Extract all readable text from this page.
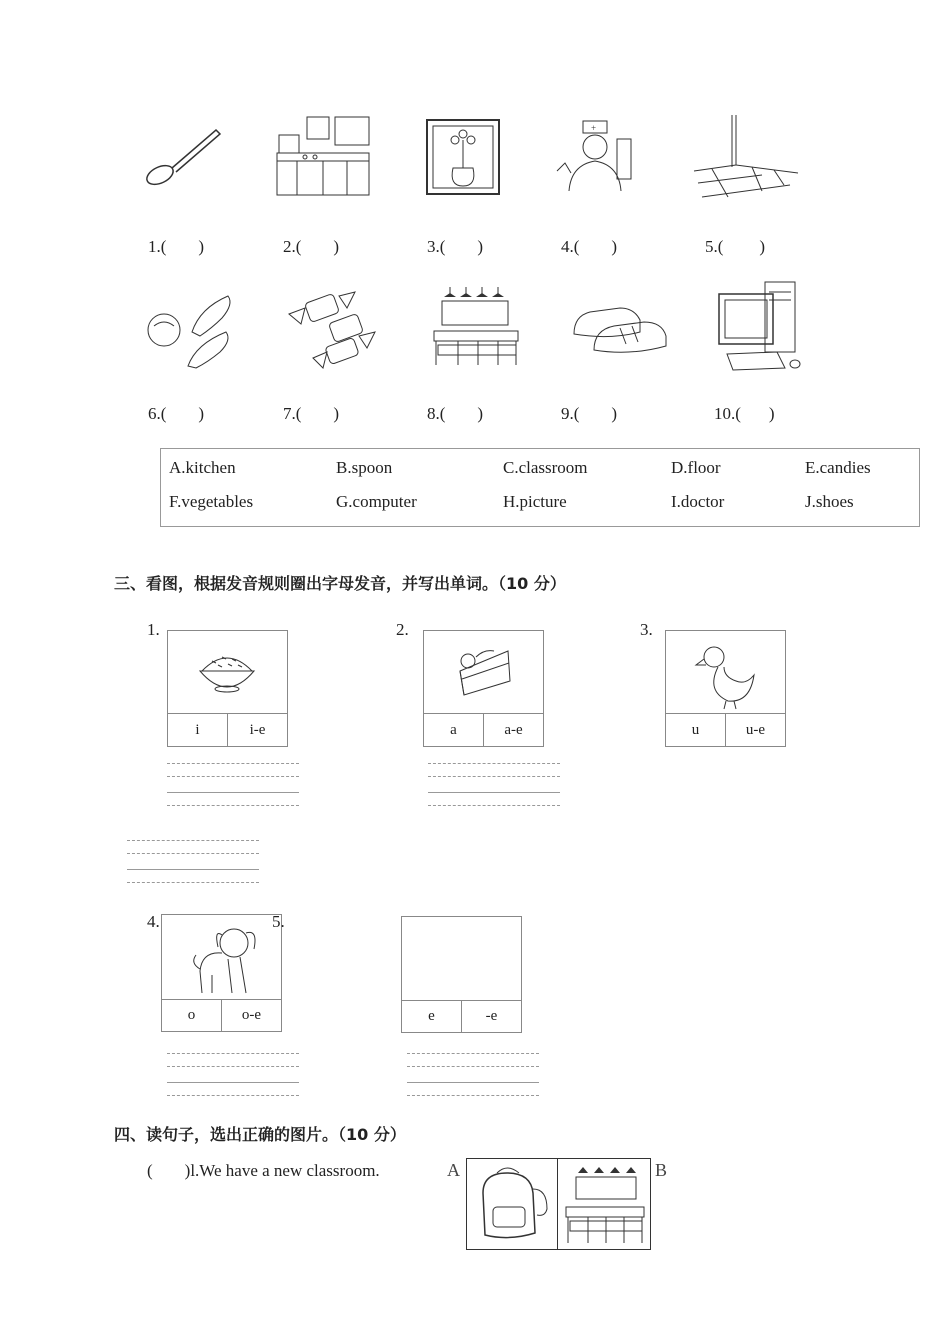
+
1.( )	2.( )	3.( )	4.( )	5.( )
6.( )	7.( )	8.( )	9.( )	10.( )
A.kitchen	B.spoon	C.classroom	D.floor	E.candies
F.vegetables	G.computer	H.picture	I.doctor	J.shoes
三、看图，根据发音规则圈出字母发音，并写出单词。（10 分）
1.
i	i-e
2.
a	a-e
3.
u	u-e
4.
o	o-e
5.
e	-e
四、读句子，选出正确的图片。（10 分）
( )l.We have a new classroom.	A	B
